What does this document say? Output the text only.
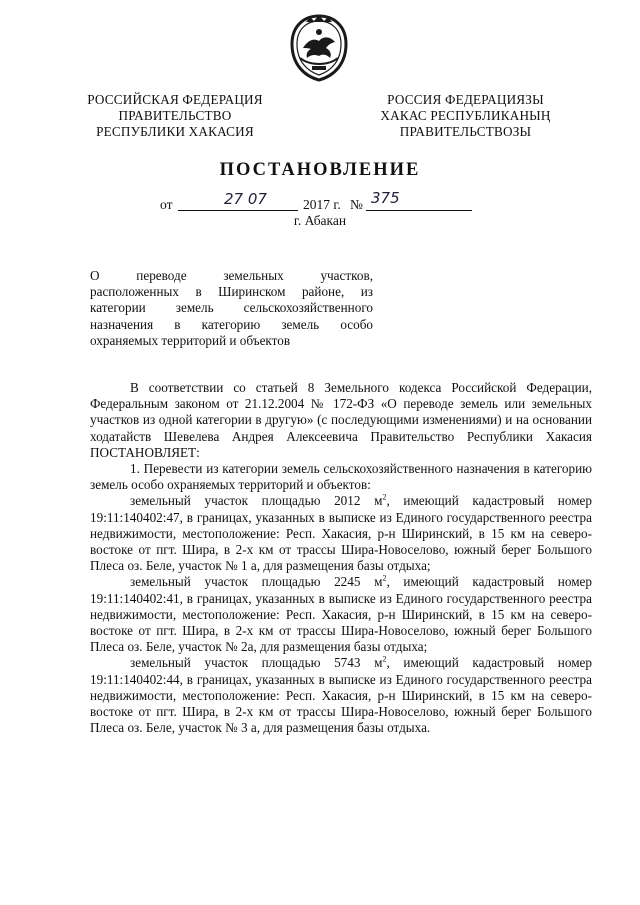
РОССИЙСКАЯ ФЕДЕРАЦИЯ
ПРАВИТЕЛЬСТВО
РЕСПУБЛИКИ ХАКАСИЯ
РОССИЯ ФЕДЕРАЦИЯЗЫ
ХАКАС РЕСПУБЛИКАНЫҢ
ПРАВИТЕЛЬСТВОЗЫ
ПОСТАНОВЛЕНИЕ
от	27 07	2017 г. № 375
г. Абакан
О переводе земельных участков,
расположенных в Ширинском районе, из
категории земель сельскохозяйственного
назначения в категорию земель особо
охраняемых территорий и объектов

В соответствии со статьей 8 Земельного кодекса Российской Федерации, Федеральным законом от 21.12.2004 № 172-ФЗ «О переводе земель или земельных участков из одной категории в другую» (с последующими изменениями) и на основании ходатайств Шевелева Андрея Алексеевича Правительство Республики Хакасия ПОСТАНОВЛЯЕТ:

1. Перевести из категории земель сельскохозяйственного назначения в категорию земель особо охраняемых территорий и объектов:

земельный участок площадью 2012 $м^2$, имеющий кадастровый номер 19:11:140402:47, в границах, указанных в выписке из Единого государственного реестра недвижимости, местоположение: Респ. Хакасия, р-н Ширинский, в 15 км на северо-востоке от пгт. Шира, в 2-х км от трассы Шира-Новоселово, южный берег Большого Плеса оз. Беле, участок № 1 а, для размещения базы отдыха;

земельный участок площадью 2245 $м^2$, имеющий кадастровый номер 19:11:140402:41, в границах, указанных в выписке из Единого государственного реестра недвижимости, местоположение: Респ. Хакасия, р-н Ширинский, в 15 км на северо-востоке от пгт. Шира, в 2-х км от трассы Шира-Новоселово, южный берег Большого Плеса оз. Беле, участок № 2а, для размещения базы отдыха;

земельный участок площадью 5743 $м^2$, имеющий кадастровый номер 19:11:140402:44, в границах, указанных в выписке из Единого государственного реестра недвижимости, местоположение: Респ. Хакасия, р-н Ширинский, в 15 км на северо-востоке от пгт. Шира, в 2-х км от трассы Шира-Новоселово, южный берег Большого Плеса оз. Беле, участок № 3 а, для размещения базы отдыха.
